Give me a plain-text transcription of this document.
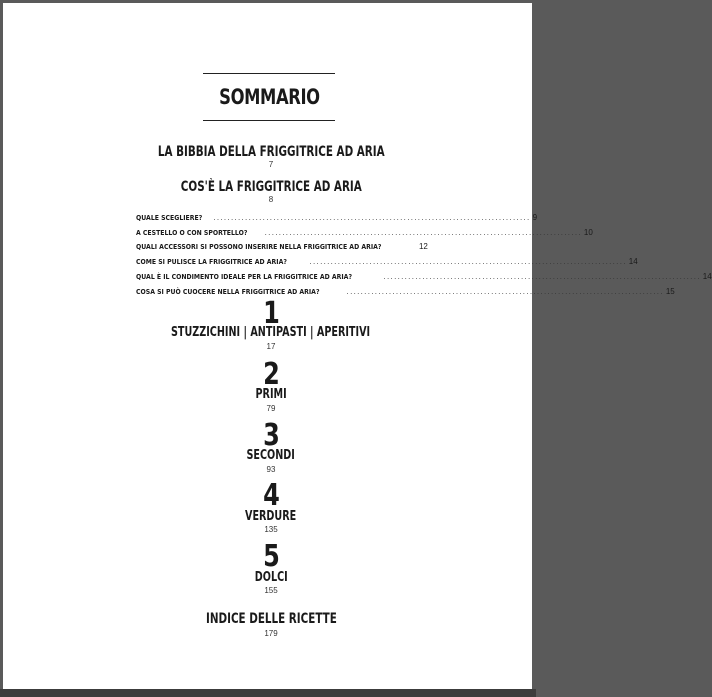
SOMMARIO
LA BIBBIA DELLA FRIGGITRICE AD ARIA
7
COS'È LA FRIGGITRICE AD ARIA
8
QUALE SCEGLIERE? .......................................................................................... 9
A CESTELLO O CON SPORTELLO? .......................................................................................... 10
QUALI ACCESSORI SI POSSONO INSERIRE NELLA FRIGGITRICE AD ARIA?	12
COME SI PULISCE LA FRIGGITRICE AD ARIA?	.......................................................................................... 14
QUAL È IL CONDIMENTO IDEALE PER LA FRIGGITRICE AD ARIA?	.......................................................................................... 14
COSA SI PUÒ CUOCERE NELLA FRIGGITRICE AD ARIA?	.......................................................................................... 15
1
STUZZICHINI | ANTIPASTI | APERITIVI
17
2
PRIMI
79
3
SECONDI
93
4
VERDURE
135
5
DOLCI
155
INDICE DELLE RICETTE
179
